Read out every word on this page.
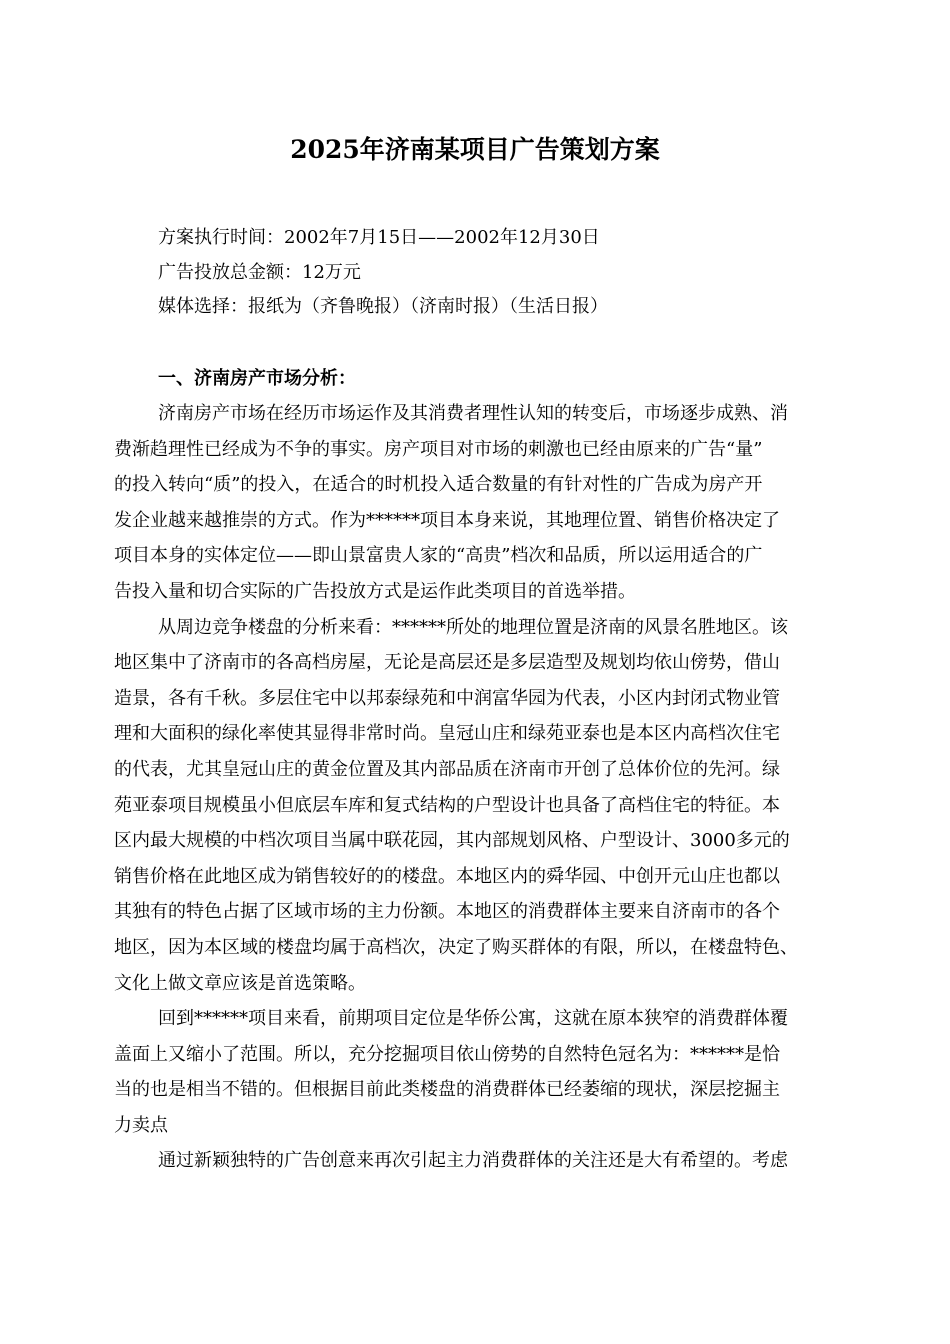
2025年济南某项目广告策划方案
方案执行时间：2002年7月15日——2002年12月30日
广告投放总金额：12万元
媒体选择：报纸为（齐鲁晚报）（济南时报）（生活日报）
一、济南房产市场分析：

济南房产市场在经历市场运作及其消费者理性认知的转变后，市场逐步成熟、消
费渐趋理性已经成为不争的事实。房产项目对市场的刺激也已经由原来的广告“量”
的投入转向“质”的投入，在适合的时机投入适合数量的有针对性的广告成为房产开
发企业越来越推崇的方式。作为******项目本身来说，其地理位置、销售价格决定了
项目本身的实体定位——即山景富贵人家的“高贵”档次和品质，所以运用适合的广
告投入量和切合实际的广告投放方式是运作此类项目的首选举措。

从周边竞争楼盘的分析来看：******所处的地理位置是济南的风景名胜地区。该
地区集中了济南市的各高档房屋，无论是高层还是多层造型及规划均依山傍势，借山
造景，各有千秋。多层住宅中以邦泰绿苑和中润富华园为代表，小区内封闭式物业管
理和大面积的绿化率使其显得非常时尚。皇冠山庄和绿苑亚泰也是本区内高档次住宅
的代表，尤其皇冠山庄的黄金位置及其内部品质在济南市开创了总体价位的先河。绿
苑亚泰项目规模虽小但底层车库和复式结构的户型设计也具备了高档住宅的特征。本
区内最大规模的中档次项目当属中联花园，其内部规划风格、户型设计、3000多元的
销售价格在此地区成为销售较好的的楼盘。本地区内的舜华园、中创开元山庄也都以
其独有的特色占据了区域市场的主力份额。本地区的消费群体主要来自济南市的各个
地区，因为本区域的楼盘均属于高档次，决定了购买群体的有限，所以，在楼盘特色、
文化上做文章应该是首选策略。

回到******项目来看，前期项目定位是华侨公寓，这就在原本狭窄的消费群体覆
盖面上又缩小了范围。所以，充分挖掘项目依山傍势的自然特色冠名为：******是恰
当的也是相当不错的。但根据目前此类楼盘的消费群体已经萎缩的现状，深层挖掘主
力卖点

通过新颖独特的广告创意来再次引起主力消费群体的关注还是大有希望的。考虑
